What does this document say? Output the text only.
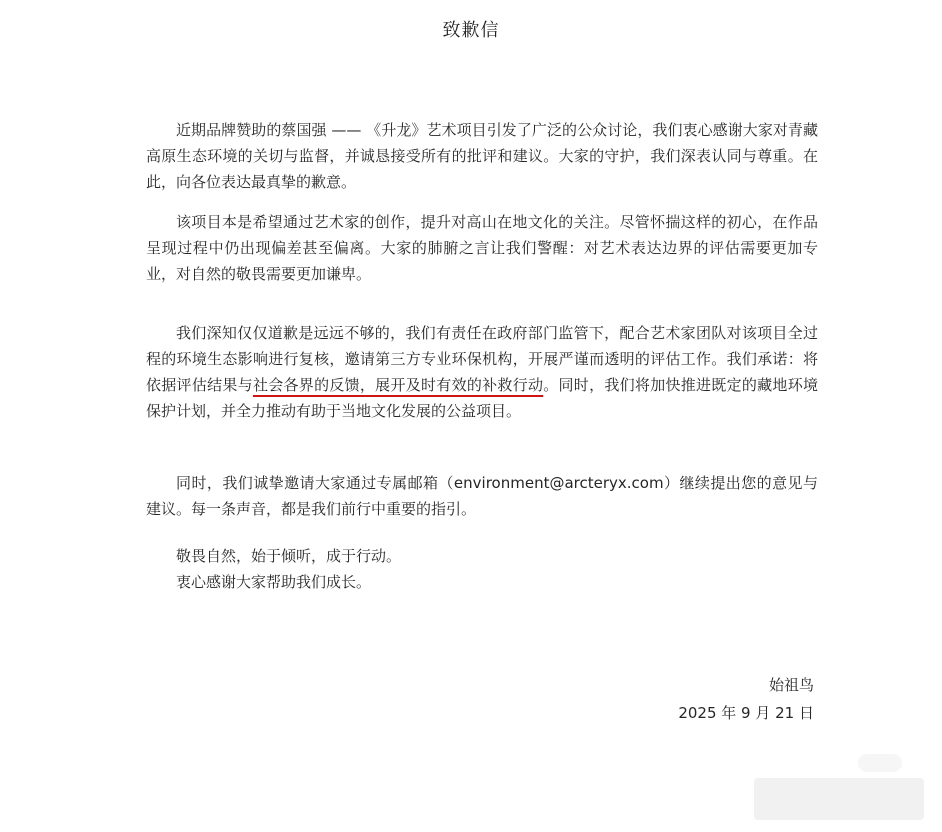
致歉信
近期品牌赞助的蔡国强 —— 《升龙》艺术项目引发了广泛的公众讨论，我们衷心感谢大家对青藏高原生态环境的关切与监督，并诚恳接受所有的批评和建议。大家的守护，我们深表认同与尊重。在此，向各位表达最真挚的歉意。
该项目本是希望通过艺术家的创作，提升对高山在地文化的关注。尽管怀揣这样的初心，在作品呈现过程中仍出现偏差甚至偏离。大家的肺腑之言让我们警醒：对艺术表达边界的评估需要更加专业，对自然的敬畏需要更加谦卑。
我们深知仅仅道歉是远远不够的，我们有责任在政府部门监管下，配合艺术家团队对该项目全过程的环境生态影响进行复核，邀请第三方专业环保机构，开展严谨而透明的评估工作。我们承诺：将依据评估结果与社会各界的反馈，展开及时有效的补救行动。同时，我们将加快推进既定的藏地环境保护计划，并全力推动有助于当地文化发展的公益项目。
同时，我们诚挚邀请大家通过专属邮箱（environment@arcteryx.com）继续提出您的意见与建议。每一条声音，都是我们前行中重要的指引。
敬畏自然，始于倾听，成于行动。
衷心感谢大家帮助我们成长。
始祖鸟
2025 年 9 月 21 日
